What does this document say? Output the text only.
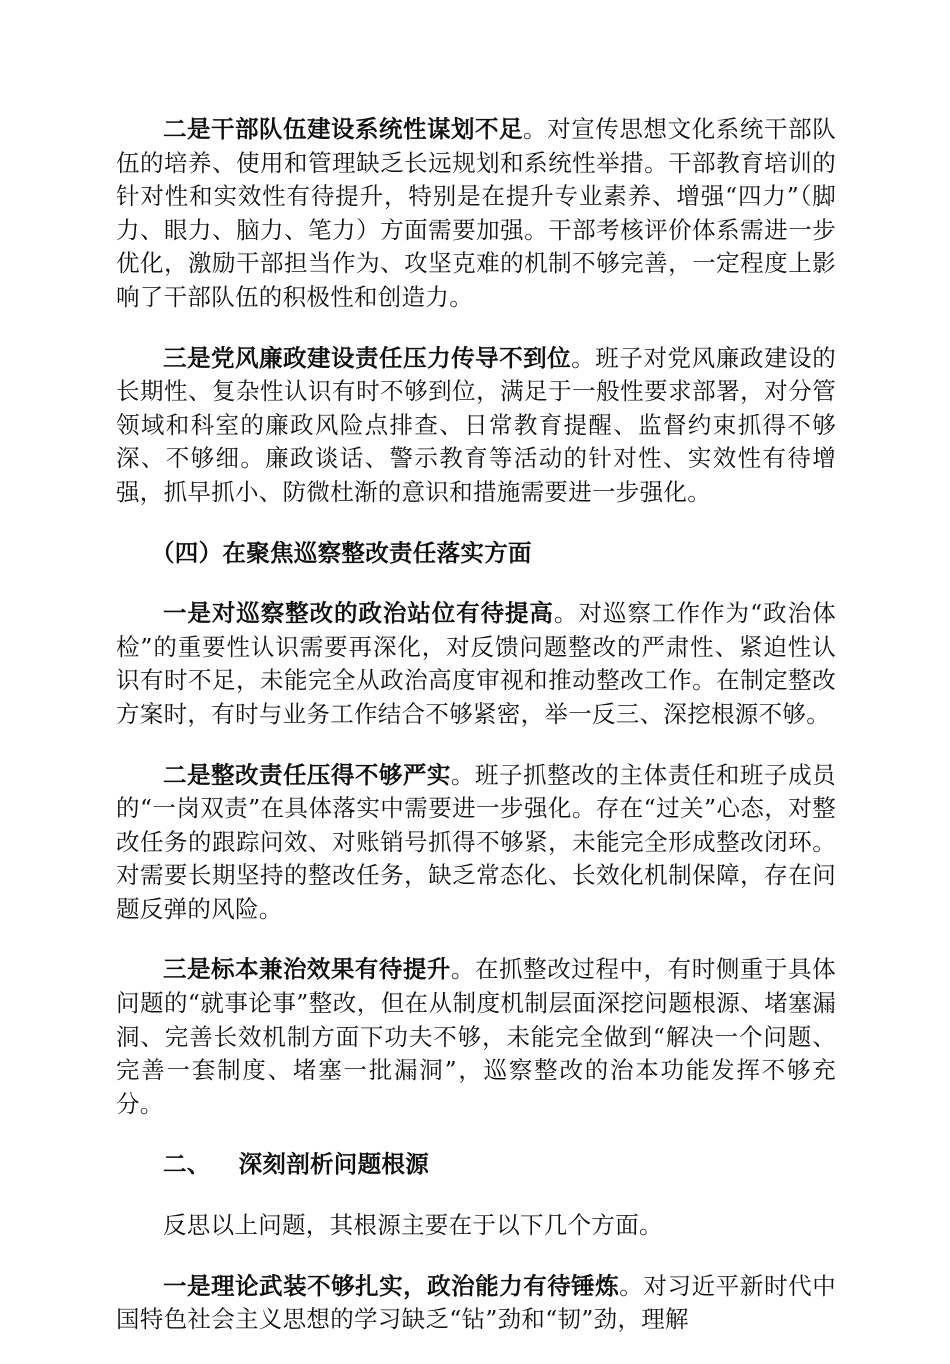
二是干部队伍建设系统性谋划不足。对宣传思想文化系统干部队伍的培养、使用和管理缺乏长远规划和系统性举措。干部教育培训的针对性和实效性有待提升，特别是在提升专业素养、增强“四力”（脚力、眼力、脑力、笔力）方面需要加强。干部考核评价体系需进一步优化，激励干部担当作为、攻坚克难的机制不够完善，一定程度上影响了干部队伍的积极性和创造力。

三是党风廉政建设责任压力传导不到位。班子对党风廉政建设的长期性、复杂性认识有时不够到位，满足于一般性要求部署，对分管领域和科室的廉政风险点排查、日常教育提醒、监督约束抓得不够深、不够细。廉政谈话、警示教育等活动的针对性、实效性有待增强，抓早抓小、防微杜渐的意识和措施需要进一步强化。

（四）在聚焦巡察整改责任落实方面

一是对巡察整改的政治站位有待提高。对巡察工作作为“政治体检”的重要性认识需要再深化，对反馈问题整改的严肃性、紧迫性认识有时不足，未能完全从政治高度审视和推动整改工作。在制定整改方案时，有时与业务工作结合不够紧密，举一反三、深挖根源不够。

二是整改责任压得不够严实。班子抓整改的主体责任和班子成员的“一岗双责”在具体落实中需要进一步强化。存在“过关”心态，对整改任务的跟踪问效、对账销号抓得不够紧，未能完全形成整改闭环。对需要长期坚持的整改任务，缺乏常态化、长效化机制保障，存在问题反弹的风险。

三是标本兼治效果有待提升。在抓整改过程中，有时侧重于具体问题的“就事论事”整改，但在从制度机制层面深挖问题根源、堵塞漏洞、完善长效机制方面下功夫不够，未能完全做到“解决一个问题、完善一套制度、堵塞一批漏洞”，巡察整改的治本功能发挥不够充分。

二、 深刻剖析问题根源

反思以上问题，其根源主要在于以下几个方面。

一是理论武装不够扎实，政治能力有待锤炼。对习近平新时代中国特色社会主义思想的学习缺乏“钻”劲和“韧”劲，理解
